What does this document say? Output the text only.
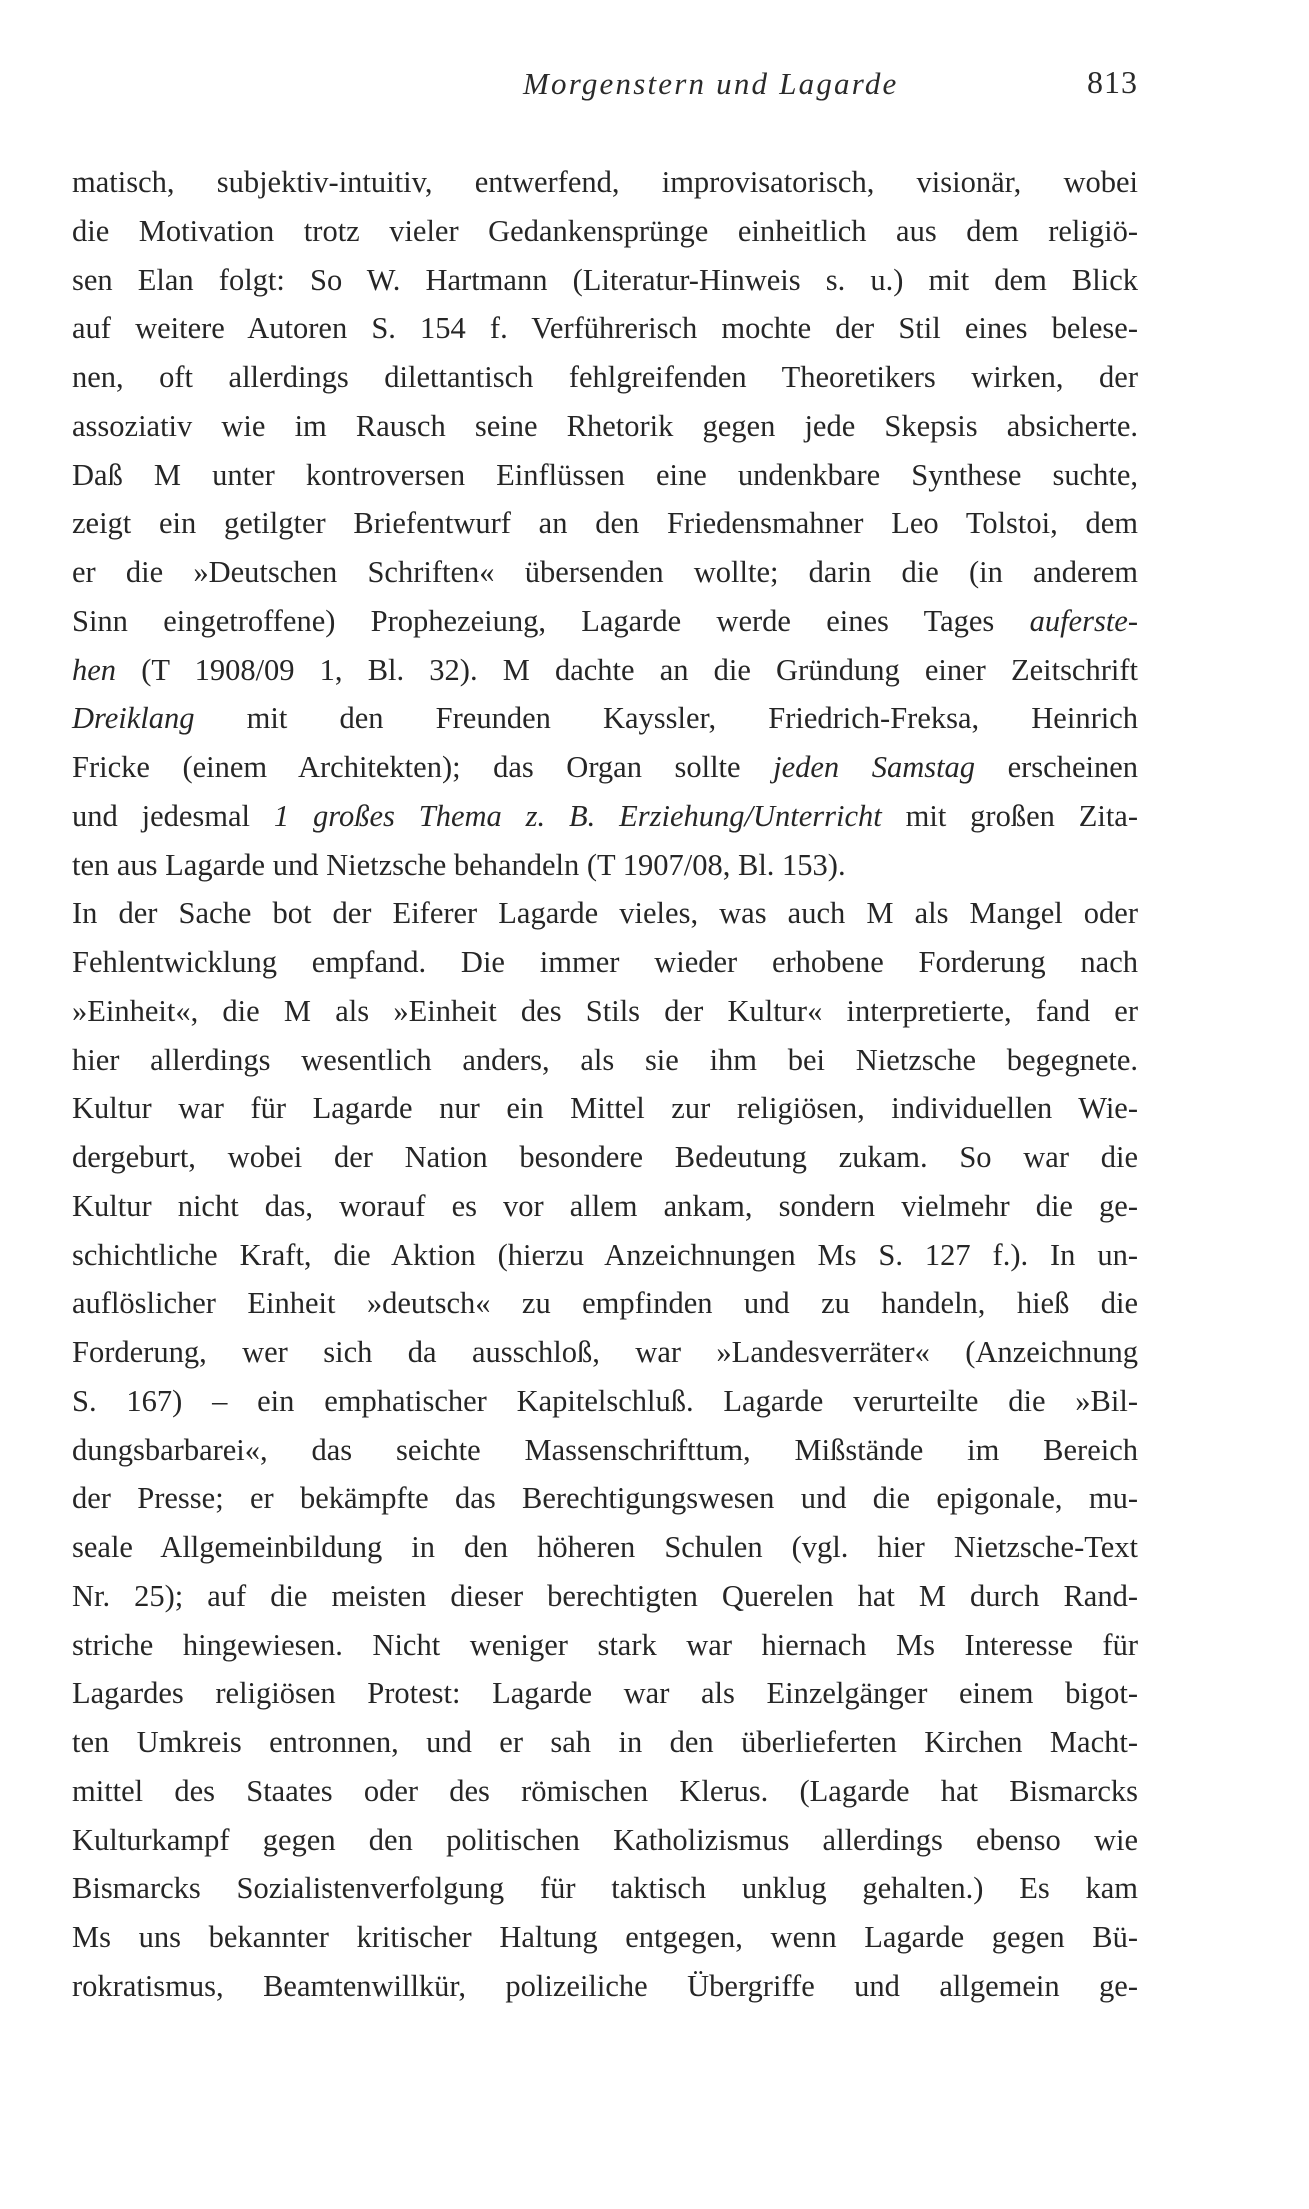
Morgenstern und Lagarde	813
matisch, subjektiv-intuitiv, entwerfend, improvisatorisch, visionär, wobei
die Motivation trotz vieler Gedankensprünge einheitlich aus dem religiö-
sen Elan folgt: So W. Hartmann (Literatur-Hinweis s. u.) mit dem Blick
auf weitere Autoren S. 154 f. Verführerisch mochte der Stil eines belese-
nen, oft allerdings dilettantisch fehlgreifenden Theoretikers wirken, der
assoziativ wie im Rausch seine Rhetorik gegen jede Skepsis absicherte.
Daß M unter kontroversen Einflüssen eine undenkbare Synthese suchte,
zeigt ein getilgter Briefentwurf an den Friedensmahner Leo Tolstoi, dem
er die »Deutschen Schriften« übersenden wollte; darin die (in anderem
Sinn eingetroffene) Prophezeiung, Lagarde werde eines Tages auferste-
hen (T 1908/09 1, Bl. 32). M dachte an die Gründung einer Zeitschrift
Dreiklang mit den Freunden Kayssler, Friedrich-Freksa, Heinrich
Fricke (einem Architekten); das Organ sollte jeden Samstag erscheinen
und jedesmal 1 großes Thema z. B. Erziehung/Unterricht mit großen Zita-
ten aus Lagarde und Nietzsche behandeln (T 1907/08, Bl. 153).
In der Sache bot der Eiferer Lagarde vieles, was auch M als Mangel oder
Fehlentwicklung empfand. Die immer wieder erhobene Forderung nach
»Einheit«, die M als »Einheit des Stils der Kultur« interpretierte, fand er
hier allerdings wesentlich anders, als sie ihm bei Nietzsche begegnete.
Kultur war für Lagarde nur ein Mittel zur religiösen, individuellen Wie-
dergeburt, wobei der Nation besondere Bedeutung zukam. So war die
Kultur nicht das, worauf es vor allem ankam, sondern vielmehr die ge-
schichtliche Kraft, die Aktion (hierzu Anzeichnungen Ms S. 127 f.). In un-
auflöslicher Einheit »deutsch« zu empfinden und zu handeln, hieß die
Forderung, wer sich da ausschloß, war »Landesverräter« (Anzeichnung
S. 167) – ein emphatischer Kapitelschluß. Lagarde verurteilte die »Bil-
dungsbarbarei«, das seichte Massenschrifttum, Mißstände im Bereich
der Presse; er bekämpfte das Berechtigungswesen und die epigonale, mu-
seale Allgemeinbildung in den höheren Schulen (vgl. hier Nietzsche-Text
Nr. 25); auf die meisten dieser berechtigten Querelen hat M durch Rand-
striche hingewiesen. Nicht weniger stark war hiernach Ms Interesse für
Lagardes religiösen Protest: Lagarde war als Einzelgänger einem bigot-
ten Umkreis entronnen, und er sah in den überlieferten Kirchen Macht-
mittel des Staates oder des römischen Klerus. (Lagarde hat Bismarcks
Kulturkampf gegen den politischen Katholizismus allerdings ebenso wie
Bismarcks Sozialistenverfolgung für taktisch unklug gehalten.) Es kam
Ms uns bekannter kritischer Haltung entgegen, wenn Lagarde gegen Bü-
rokratismus, Beamtenwillkür, polizeiliche Übergriffe und allgemein ge-
